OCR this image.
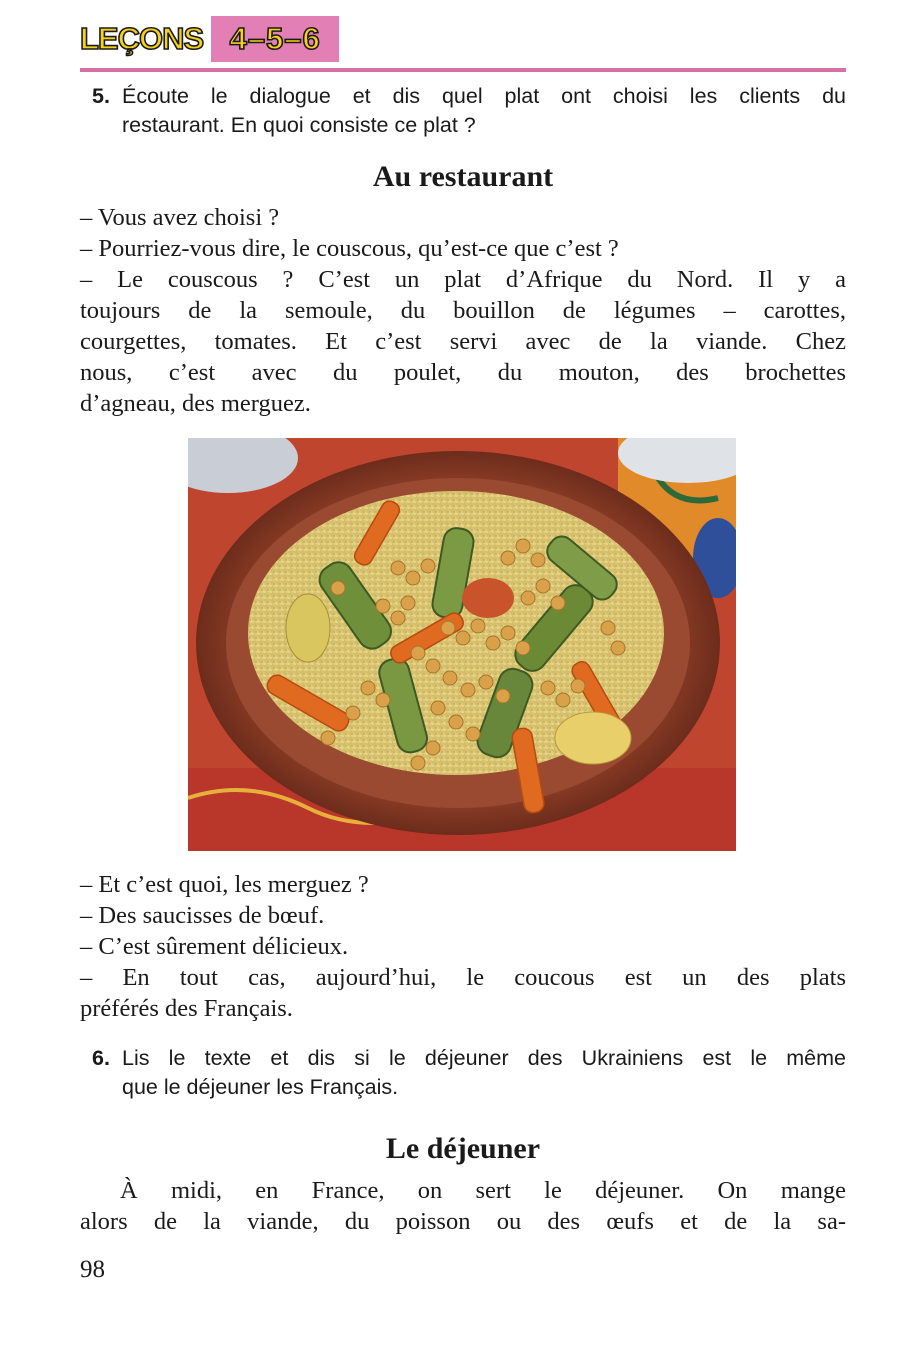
LEÇONS 4–5–6
5. Écoute le dialogue et dis quel plat ont choisi les clients du
restaurant. En quoi consiste ce plat ?
Au restaurant
– Vous avez choisi ?
– Pourriez-vous dire, le couscous, qu’est-ce que c’est ?
– Le couscous ? C’est un plat d’Afrique du Nord. Il y a
toujours de la semoule, du bouillon de légumes – carottes,
courgettes, tomates. Et c’est servi avec de la viande. Chez
nous, c’est avec du poulet, du mouton, des brochettes
d’agneau, des merguez.
– Et c’est quoi, les merguez ?
– Des saucisses de bœuf.
– C’est sûrement délicieux.
– En tout cas, aujourd’hui, le coucous est un des plats
préférés des Français.
6. Lis le texte et dis si le déjeuner des Ukrainiens est le même
que le déjeuner les Français.
Le déjeuner
À midi, en France, on sert le déjeuner. On mange
alors de la viande, du poisson ou des œufs et de la sa-
98
